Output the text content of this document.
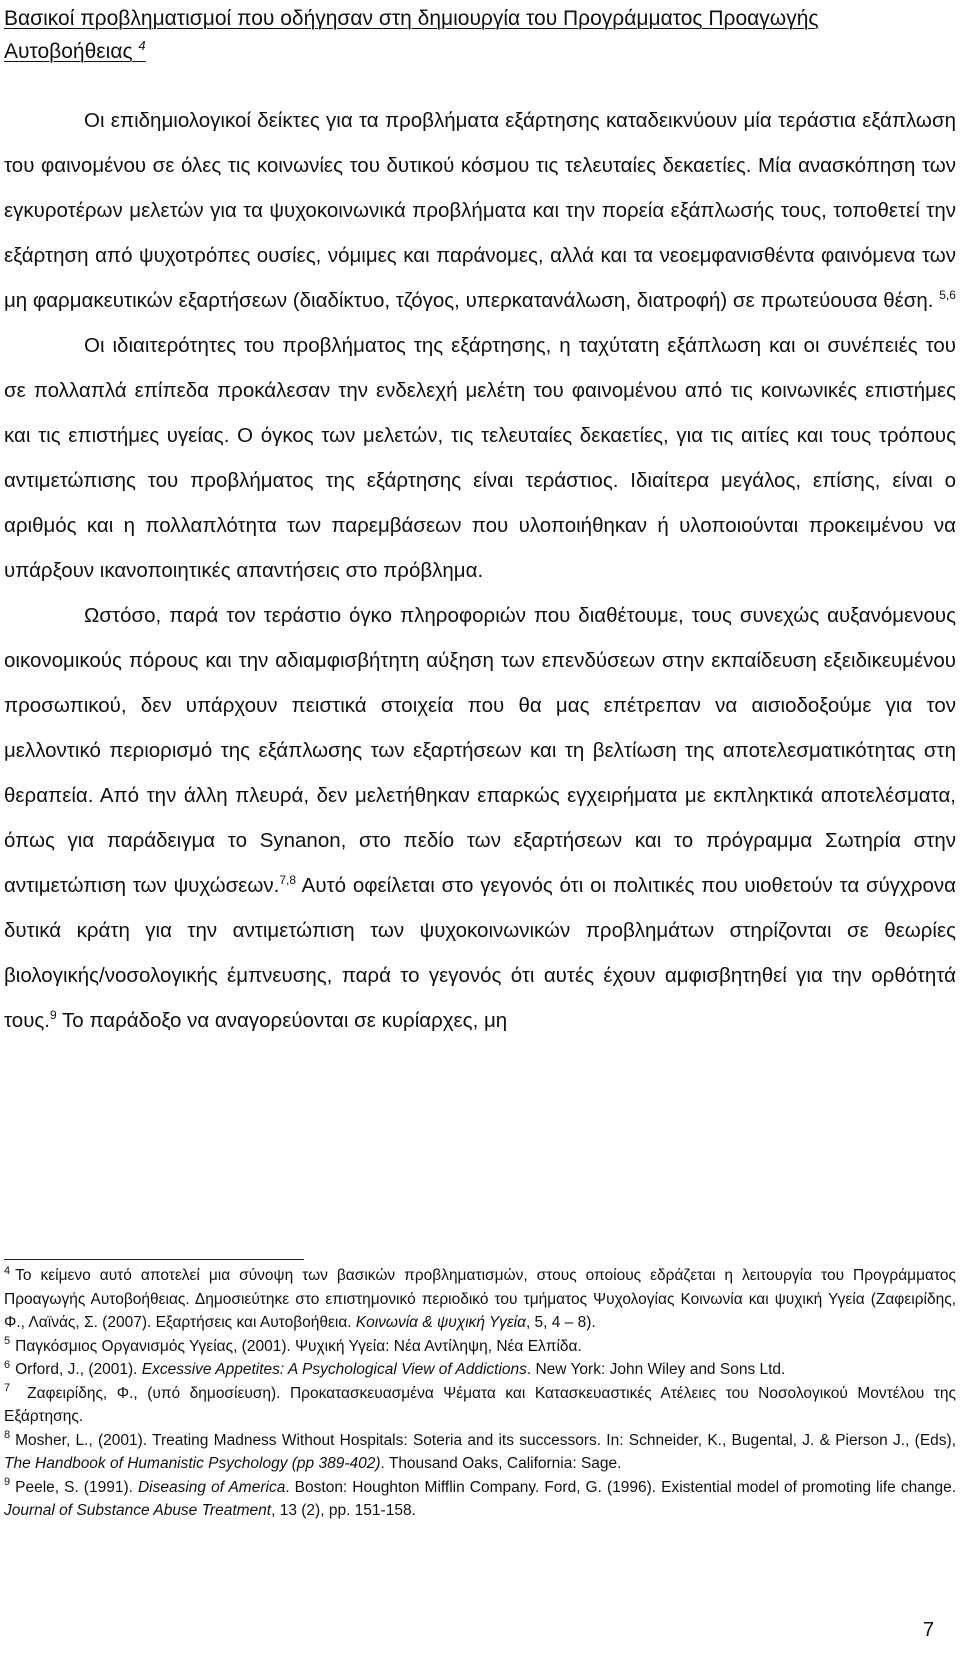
Βασικοί προβληματισμοί που οδήγησαν στη δημιουργία του Προγράμματος Προαγωγής Αυτοβοήθειας $^4$

Οι επιδημιολογικοί δείκτες για τα προβλήματα εξάρτησης καταδεικνύουν μία τεράστια εξάπλωση του φαινομένου σε όλες τις κοινωνίες του δυτικού κόσμου τις τελευταίες δεκαετίες. Μία ανασκόπηση των εγκυροτέρων μελετών για τα ψυχοκοινωνικά προβλήματα και την πορεία εξάπλωσής τους, τοποθετεί την εξάρτηση από ψυχοτρόπες ουσίες, νόμιμες και παράνομες, αλλά και τα νεοεμφανισθέντα φαινόμενα των μη φαρμακευτικών εξαρτήσεων (διαδίκτυο, τζόγος, υπερκατανάλωση, διατροφή) σε πρωτεύουσα θέση. $^{5,6}$

Οι ιδιαιτερότητες του προβλήματος της εξάρτησης, η ταχύτατη εξάπλωση και οι συνέπειές του σε πολλαπλά επίπεδα προκάλεσαν την ενδελεχή μελέτη του φαινομένου από τις κοινωνικές επιστήμες και τις επιστήμες υγείας. Ο όγκος των μελετών, τις τελευταίες δεκαετίες, για τις αιτίες και τους τρόπους αντιμετώπισης του προβλήματος της εξάρτησης είναι τεράστιος. Ιδιαίτερα μεγάλος, επίσης, είναι ο αριθμός και η πολλαπλότητα των παρεμβάσεων που υλοποιήθηκαν ή υλοποιούνται προκειμένου να υπάρξουν ικανοποιητικές απαντήσεις στο πρόβλημα.

Ωστόσο, παρά τον τεράστιο όγκο πληροφοριών που διαθέτουμε, τους συνεχώς αυξανόμενους οικονομικούς πόρους και την αδιαμφισβήτητη αύξηση των επενδύσεων στην εκπαίδευση εξειδικευμένου προσωπικού, δεν υπάρχουν πειστικά στοιχεία που θα μας επέτρεπαν να αισιοδοξούμε για τον μελλοντικό περιορισμό της εξάπλωσης των εξαρτήσεων και τη βελτίωση της αποτελεσματικότητας στη θεραπεία. Από την άλλη πλευρά, δεν μελετήθηκαν επαρκώς εγχειρήματα με εκπληκτικά αποτελέσματα, όπως για παράδειγμα το Synanon, στο πεδίο των εξαρτήσεων και το πρόγραμμα Σωτηρία στην αντιμετώπιση των ψυχώσεων.$^{7,8}$ Αυτό οφείλεται στο γεγονός ότι οι πολιτικές που υιοθετούν τα σύγχρονα δυτικά κράτη για την αντιμετώπιση των ψυχοκοινωνικών προβλημάτων στηρίζονται σε θεωρίες βιολογικής/νοσολογικής έμπνευσης, παρά το γεγονός ότι αυτές έχουν αμφισβητηθεί για την ορθότητά τους.$^9$ Το παράδοξο να αναγορεύονται σε κυρίαρχες, μη

$^4$ Το κείμενο αυτό αποτελεί μια σύνοψη των βασικών προβληματισμών, στους οποίους εδράζεται η λειτουργία του Προγράμματος Προαγωγής Αυτοβοήθειας. Δημοσιεύτηκε στο επιστημονικό περιοδικό του τμήματος Ψυχολογίας Κοινωνία και ψυχική Υγεία (Ζαφειρίδης, Φ., Λαϊνάς, Σ. (2007). Εξαρτήσεις και Αυτοβοήθεια. Κοινωνία & ψυχική Υγεία, 5, 4 – 8).

$^5$ Παγκόσμιος Οργανισμός Υγείας, (2001). Ψυχική Υγεία: Νέα Αντίληψη, Νέα Ελπίδα.

$^6$ Orford, J., (2001). Excessive Appetites: A Psychological View of Addictions. New York: John Wiley and Sons Ltd.

$^7$ Ζαφειρίδης, Φ., (υπό δημοσίευση). Προκατασκευασμένα Ψέματα και Κατασκευαστικές Ατέλειες του Νοσολογικού Μοντέλου της Εξάρτησης.

$^8$ Mosher, L., (2001). Treating Madness Without Hospitals: Soteria and its successors. In: Schneider, K., Bugental, J. & Pierson J., (Eds), The Handbook of Humanistic Psychology (pp 389-402). Thousand Oaks, California: Sage.

$^9$ Peele, S. (1991). Diseasing of America. Boston: Houghton Mifflin Company. Ford, G. (1996). Existential model of promoting life change. Journal of Substance Abuse Treatment, 13 (2), pp. 151-158.

7
